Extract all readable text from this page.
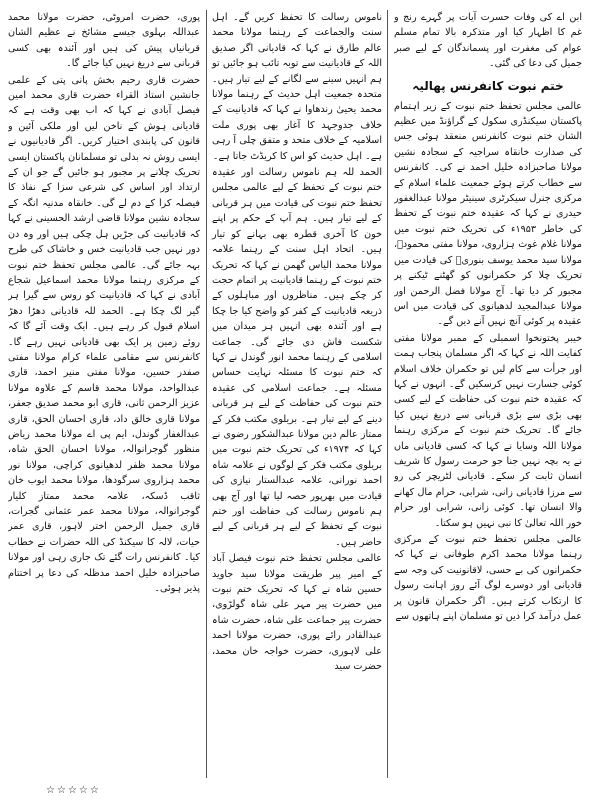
ابن اے کی وفات حسرت آیات پر گہرے رنج و غم کا اظہار کیا اور متذکرہ بالا تمام مسلم عوام کی مغفرت اور پسماندگان کے لیے صبر جمیل کی دعا کی گئی۔

ختم نبوت کانفرنس پھالیہ

عالمی مجلس تحفظ ختم نبوت کے زیر اہتمام پاکستان سیکنڈری سکول کے گراؤنڈ میں عظیم الشان ختم نبوت کانفرنس منعقد ہوئی جس کی صدارت خانقاہ سراجیہ کے سجادہ نشین مولانا صاحبزادہ خلیل احمد نے کی۔ کانفرنس سے خطاب کرتے ہوئے جمعیت علماء اسلام کے مرکزی جنرل سیکرٹری سینیٹر مولانا عبدالغفور حیدری نے کہا کہ عقیدہ ختم نبوت کے تحفظ کی خاطر ۱۹۵۳ء کی تحریک ختم نبوت میں مولانا غلام غوث ہزاروی، مولانا مفتی محمودؒ، مولانا سید محمد یوسف بنوریؒ کی قیادت میں تحریک چلا کر حکمرانوں کو گھٹنے ٹیکنے پر مجبور کر دیا تھا۔ آج مولانا فضل الرحمن اور مولانا عبدالمجید لدھیانوی کی قیادت میں اس عقیدہ پر کوئی آنچ نہیں آنے دیں گے۔

خیبر پختونخوا اسمبلی کے ممبر مولانا مفتی کفایت اللہ نے کہا کہ اگر مسلمان پنجاب ہمت اور جرأت سے کام لیں تو حکمران خلاف اسلام کوئی جسارت نہیں کرسکیں گے۔ انہوں نے کہا کہ عقیدہ ختم نبوت کی حفاظت کے لیے کسی بھی بڑی سے بڑی قربانی سے دریغ نہیں کیا جائے گا۔ تحریک ختم نبوت کے مرکزی رہنما مولانا اللہ وسایا نے کہا کہ کسی قادیانی ماں نے یہ بچہ نہیں جنا جو حرمت رسول کا شریف انسان ثابت کر سکے۔ قادیانی لٹریچر کی رو سے مرزا قادیانی زانی، شرابی، حرام مال کھانے والا انسان تھا۔ کوئی زانی، شرابی اور حرام خور اللہ تعالیٰ کا نبی نہیں ہو سکتا۔

عالمی مجلس تحفظ ختم نبوت کے مرکزی رہنما مولانا محمد اکرم طوفانی نے کہا کہ حکمرانوں کی بے حسی، لاقانونیت کی وجہ سے قادیانی اور دوسرے لوگ آئے روز اہانت رسول کا ارتکاب کرتے ہیں۔ اگر حکمران قانون پر عمل درآمد کرا دیں تو مسلمان اپنے ہاتھوں سے

ناموس رسالت کا تحفظ کریں گے۔ اہل سنت والجماعت کے رہنما مولانا محمد عالم طارق نے کہا کہ قادیانی اگر صدیق اللہ کے قادیانیت سے توبہ تائب ہو جائیں تو ہم انہیں سینے سے لگانے کے لیے تیار ہیں۔ متحدہ جمعیت اہل حدیث کے رہنما مولانا محمد یحییٰ رندھاوا نے کہا کہ قادیانیت کے خلاف جدوجہد کا آغاز بھی پوری ملت اسلامیہ کے خلاف متحد و متفق چلی آ رہی ہے۔ اہل حدیث کو اس کا کریڈٹ جاتا ہے۔

الحمد للہ ہم ناموس رسالت اور عقیدہ ختم نبوت کے تحفظ کے لیے عالمی مجلس تحفظ ختم نبوت کی قیادت میں ہر قربانی کے لیے تیار ہیں۔ ہم آپ کے حکم پر اپنے خون کا آخری قطرہ بھی بہانے کو تیار ہیں۔ اتحاد اہل سنت کے رہنما علامہ مولانا محمد الیاس گھمن نے کہا کہ تحریک ختم نبوت کے رہنما قادیانیت پر اتمام حجت کر چکے ہیں۔ مناظروں اور مباہلوں کے ذریعہ قادیانیت کے کفر کو واضح کیا جا چکا ہے اور آئندہ بھی انہیں ہر میدان میں شکست فاش دی جائے گی۔ جماعت اسلامی کے رہنما محمد انور گوندل نے کہا کہ ختم نبوت کا مسئلہ نہایت حساس مسئلہ ہے۔ جماعت اسلامی کی عقیدہ ختم نبوت کی حفاظت کے لیے ہر قربانی دینے کے لیے تیار ہے۔ بریلوی مکتب فکر کے ممتاز عالم دین مولانا عبدالشکور رضوی نے کہا کہ ۱۹۷۴ء کی تحریک ختم نبوت میں بریلوی مکتب فکر کے لوگوں نے علامہ شاہ احمد نورانی، علامہ عبدالستار نیازی کی قیادت میں بھرپور حصہ لیا تھا اور آج بھی ہم ناموس رسالت کی حفاظت اور ختم نبوت کے تحفظ کے لیے ہر قربانی کے لیے حاضر ہیں۔

عالمی مجلس تحفظ ختم نبوت فیصل آباد کے امیر پیر طریقت مولانا سید جاوید حسین شاہ نے کہا کہ تحریک ختم نبوت میں حضرت پیر مہر علی شاہ گولڑوی، حضرت پیر جماعت علی شاہ، حضرت شاہ عبدالقادر رائے پوری، حضرت مولانا احمد علی لاہوری، حضرت خواجہ خان محمد، حضرت سید

پوری، حضرت امروٹی، حضرت مولانا محمد عبداللہ بہلوی جیسے مشائخ نے عظیم الشان قربانیاں پیش کی ہیں اور آئندہ بھی کسی قربانی سے دریغ نہیں کیا جائے گا۔

حضرت قاری رحیم بخش پانی پتی کے علمی جانشین استاد القراء حضرت قاری محمد امین فیصل آبادی نے کہا کہ اب بھی وقت ہے کہ قادیانی ہوش کے ناخن لیں اور ملکی آئین و قانون کی پابندی اختیار کریں۔ اگر قادیانیوں نے ایسی روش نہ بدلی تو مسلمانان پاکستان ایسی تحریک چلانے پر مجبور ہو جائیں گے جو ان کے ارتداد اور اساس کی شرعی سزا کے نفاذ کا فیصلہ کرا کے دم لے گی۔ خانقاہ مدنیہ انگہ کے سجادہ نشین مولانا قاضی ارشد الحسینی نے کہا کہ قادیانیت کی جڑیں ہل چکی ہیں اور وہ دن دور نہیں جب قادیانیت خس و خاشاک کی طرح بہہ جائے گی۔ عالمی مجلس تحفظ ختم نبوت کے مرکزی رہنما مولانا محمد اسماعیل شجاع آبادی نے کہا کہ قادیانیت کو روس سے گیرا ہر گیر لگ چکا ہے۔ الحمد للہ قادیانی دھڑا دھڑ اسلام قبول کر رہے ہیں۔ ایک وقت آئے گا کہ روئے زمین پر ایک بھی قادیانی نہیں رہے گا۔ کانفرنس سے مقامی علماء کرام مولانا مفتی صفدر حسین، مولانا مفتی منیر احمد، قاری عبدالواحد، مولانا محمد قاسم کے علاوہ مولانا عزیز الرحمن ثانی، قاری ابو محمد صدیق جعفر، مولانا قاری خالق داد، قاری احسان الحق، قاری عبدالغفار گوندل، ایم پی اے مولانا محمد ریاض منظور گوجرانوالہ، مولانا احسان الحق شاہ، مولانا محمد ظفر لدھیانوی کراچی، مولانا نور محمد ہزاروی سرگودھا، مولانا محمد ایوب خان ثاقب ڈسکہ، علامہ محمد ممتاز کلیار گوجرانوالہ، مولانا محمد عمر عثمانی گجرات، قاری جمیل الرحمن اختر لاہور، قاری عمر حیات، لالہ کا سیکنڈ کی اللہ حضرات نے خطاب کیا۔ کانفرنس رات گئے تک جاری رہی اور مولانا صاحبزادہ خلیل احمد مدظلہ کی دعا پر اختتام پذیر ہوئی۔

☆☆☆☆☆
